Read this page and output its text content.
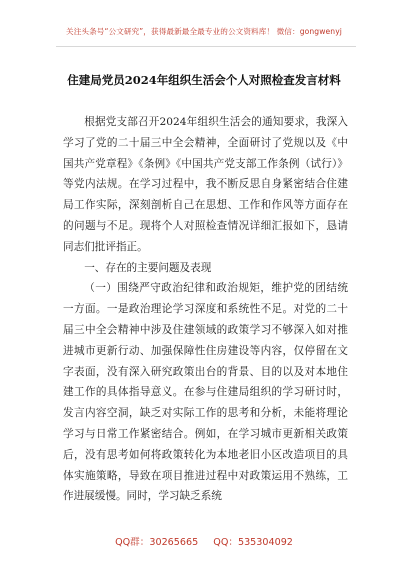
关注头条号“公文研究”，获得最新最全最专业的公文资料库！ 微信：gongwenyj
住建局党员2024年组织生活会个人对照检查发言材料

根据党支部召开2024年组织生活会的通知要求，我深入学习了党的二十届三中全会精神，全面研讨了党规以及《中国共产党章程》《条例》《中国共产党支部工作条例（试行）》等党内法规。在学习过程中，我不断反思自身紧密结合住建局工作实际，深刻剖析自己在思想、工作和作风等方面存在的问题与不足。现将个人对照检查情况详细汇报如下，恳请同志们批评指正。

一、存在的主要问题及表现

（一）围绕严守政治纪律和政治规矩，维护党的团结统一方面。一是政治理论学习深度和系统性不足。对党的二十届三中全会精神中涉及住建领域的政策学习不够深入如对推进城市更新行动、加强保障性住房建设等内容，仅停留在文字表面，没有深入研究政策出台的背景、目的以及对本地住建工作的具体指导意义。在参与住建局组织的学习研讨时，发言内容空洞，缺乏对实际工作的思考和分析，未能将理论学习与日常工作紧密结合。例如，在学习城市更新相关政策后，没有思考如何将政策转化为本地老旧小区改造项目的具体实施策略，导致在项目推进过程中对政策运用不熟练，工作进展缓慢。同时，学习缺乏系统

QQ群：30265665 QQ：535304092
